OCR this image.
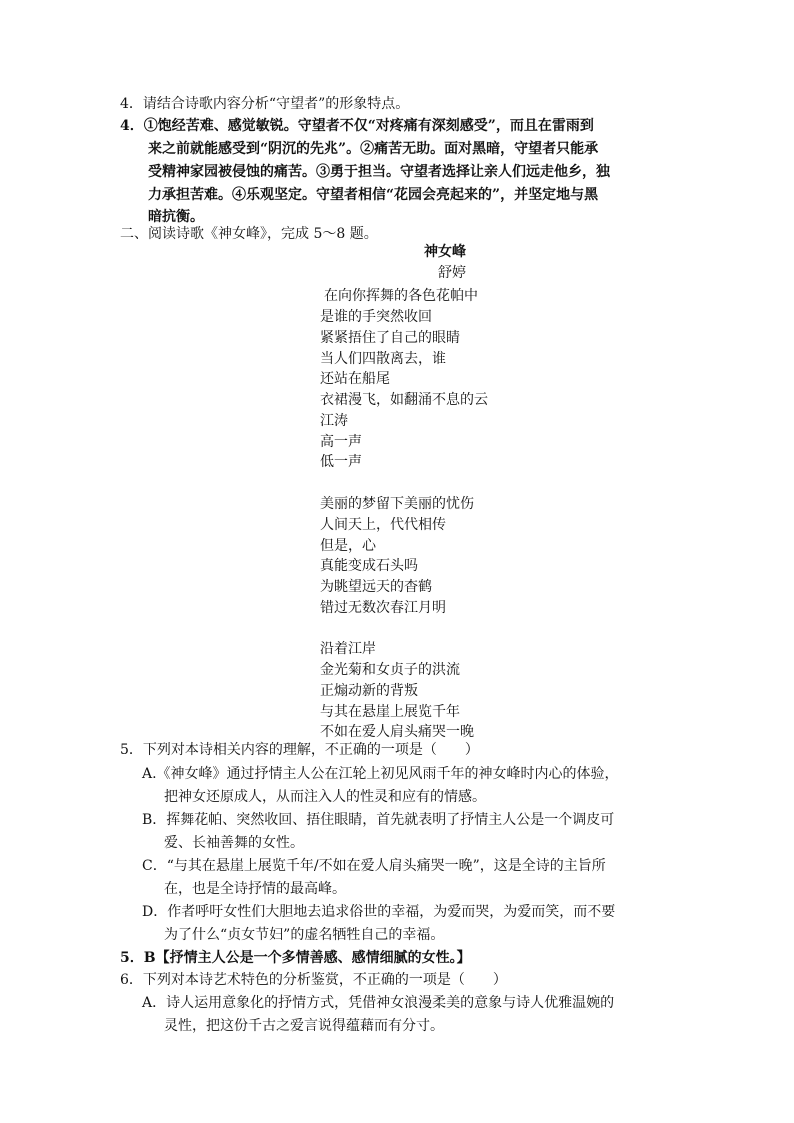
4．请结合诗歌内容分析“守望者”的形象特点。
4．①饱经苦难、感觉敏锐。守望者不仅“对疼痛有深刻感受”，而且在雷雨到
来之前就能感受到“阴沉的先兆”。②痛苦无助。面对黑暗，守望者只能承
受精神家园被侵蚀的痛苦。③勇于担当。守望者选择让亲人们远走他乡，独
力承担苦难。④乐观坚定。守望者相信“花园会亮起来的”，并坚定地与黑
暗抗衡。
二、阅读诗歌《神女峰》，完成 5～8 题。
神女峰
舒婷
在向你挥舞的各色花帕中
是谁的手突然收回
紧紧捂住了自己的眼睛
当人们四散离去，谁
还站在船尾
衣裙漫飞，如翻涌不息的云
江涛
高一声
低一声
美丽的梦留下美丽的忧伤
人间天上，代代相传
但是，心
真能变成石头吗
为眺望远天的杳鹤
错过无数次春江月明
沿着江岸
金光菊和女贞子的洪流
正煽动新的背叛
与其在悬崖上展览千年
不如在爱人肩头痛哭一晚
5．下列对本诗相关内容的理解，不正确的一项是（　　）
A.《神女峰》通过抒情主人公在江轮上初见风雨千年的神女峰时内心的体验，
把神女还原成人，从而注入人的性灵和应有的情感。
B．挥舞花帕、突然收回、捂住眼睛，首先就表明了抒情主人公是一个调皮可
爱、长袖善舞的女性。
C．“与其在悬崖上展览千年/不如在爱人肩头痛哭一晚”，这是全诗的主旨所
在，也是全诗抒情的最高峰。
D．作者呼吁女性们大胆地去追求俗世的幸福，为爱而哭，为爱而笑，而不要
为了什么“贞女节妇”的虚名牺牲自己的幸福。
5．B【抒情主人公是一个多情善感、感情细腻的女性。】
6．下列对本诗艺术特色的分析鉴赏，不正确的一项是（　　）
A．诗人运用意象化的抒情方式，凭借神女浪漫柔美的意象与诗人优雅温婉的
灵性，把这份千古之爱言说得蕴藉而有分寸。
